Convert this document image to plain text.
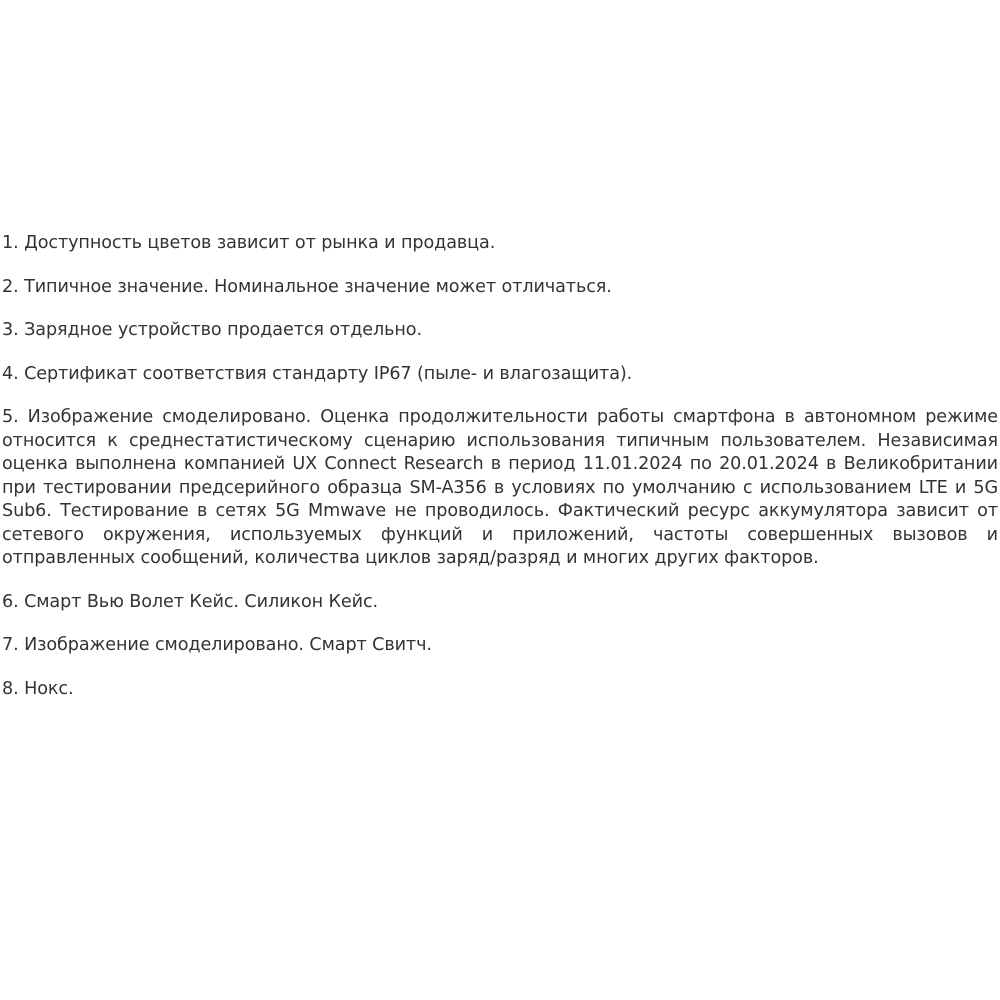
1. Доступность цветов зависит от рынка и продавца.

2. Типичное значение. Номинальное значение может отличаться.

3. Зарядное устройство продается отдельно.

4. Сертификат соответствия стандарту IP67 (пыле- и влагозащита).

5. Изображение смоделировано. Оценка продолжительности работы смартфона в автономном режиме относится к среднестатистическому сценарию использования типичным пользователем. Независимая оценка выполнена компанией UX Connect Research в период 11.01.2024 по 20.01.2024 в Великобритании при тестировании предсерийного образца SM-A356 в условиях по умолчанию с использованием LTE и 5G Sub6. Тестирование в сетях 5G Mmwave не проводилось. Фактический ресурс аккумулятора зависит от сетевого окружения, используемых функций и приложений, частоты совершенных вызовов и отправленных сообщений, количества циклов заряд/разряд и многих других факторов.

6. Смарт Вью Волет Кейс. Силикон Кейс.

7. Изображение смоделировано. Смарт Свитч.

8. Нокс.
